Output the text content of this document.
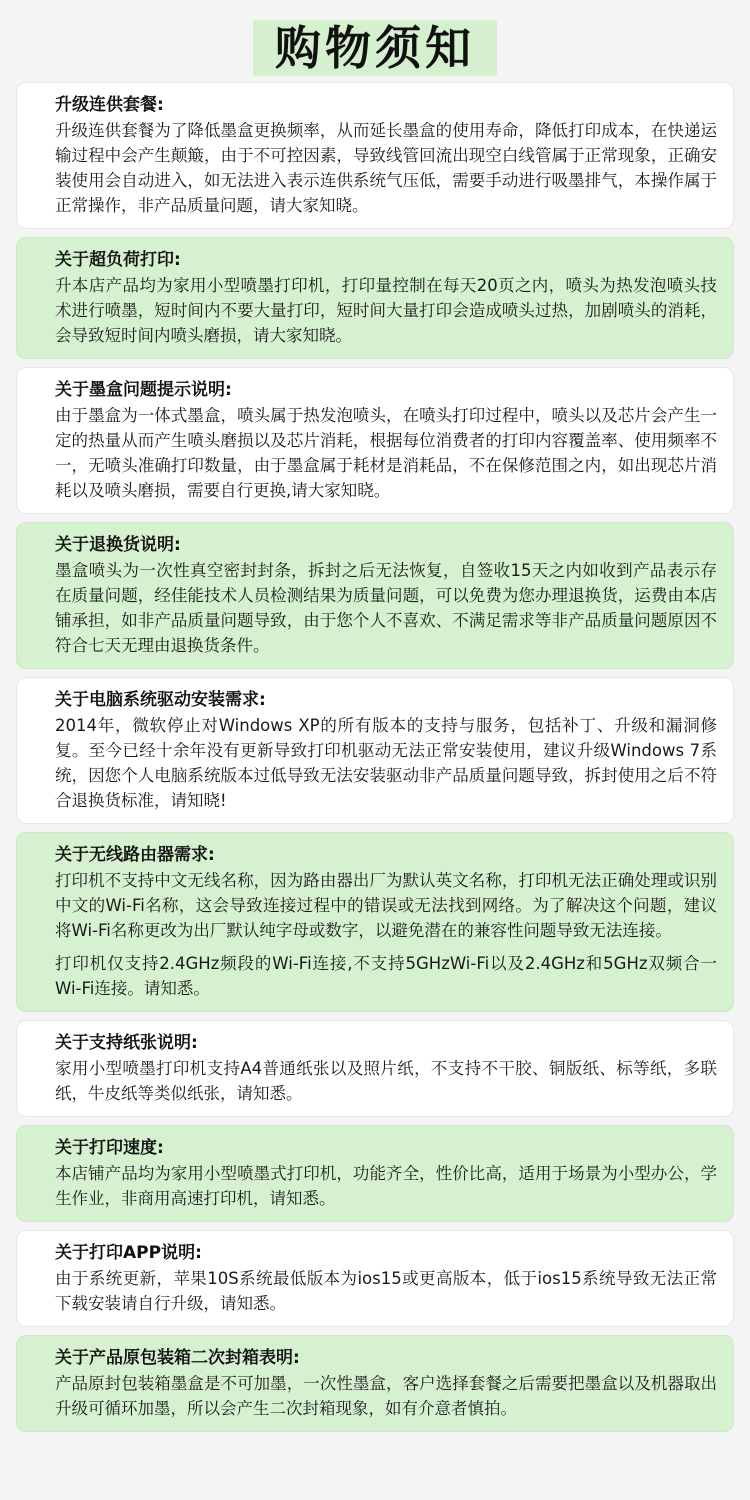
购物须知
升级连供套餐:

升级连供套餐为了降低墨盒更换频率，从而延长墨盒的使用寿命，降低打印成本，在快递运输过程中会产生颠簸，由于不可控因素，导致线管回流出现空白线管属于正常现象，正确安装使用会自动进入，如无法进入表示连供系统气压低，需要手动进行吸墨排气，本操作属于正常操作，非产品质量问题，请大家知晓。

关于超负荷打印:

升本店产品均为家用小型喷墨打印机，打印量控制在每天20页之内，喷头为热发泡喷头技术进行喷墨，短时间内不要大量打印，短时间大量打印会造成喷头过热，加剧喷头的消耗，会导致短时间内喷头磨损，请大家知晓。

关于墨盒问题提示说明:

由于墨盒为一体式墨盒，喷头属于热发泡喷头，在喷头打印过程中，喷头以及芯片会产生一定的热量从而产生喷头磨损以及芯片消耗，根据每位消费者的打印内容覆盖率、使用频率不一，无喷头准确打印数量，由于墨盒属于耗材是消耗品，不在保修范围之内，如出现芯片消耗以及喷头磨损，需要自行更换,请大家知晓。

关于退换货说明:

墨盒喷头为一次性真空密封封条，拆封之后无法恢复，自签收15天之内如收到产品表示存在质量问题，经佳能技术人员检测结果为质量问题，可以免费为您办理退换货，运费由本店铺承担，如非产品质量问题导致，由于您个人不喜欢、不满足需求等非产品质量问题原因不符合七天无理由退换货条件。

关于电脑系统驱动安装需求:

2014年，微软停止对Windows XP的所有版本的支持与服务，包括补丁、升级和漏洞修复。至今已经十余年没有更新导致打印机驱动无法正常安装使用，建议升级Windows 7系统，因您个人电脑系统版本过低导致无法安装驱动非产品质量问题导致，拆封使用之后不符合退换货标准，请知晓!

关于无线路由器需求:

打印机不支持中文无线名称，因为路由器出厂为默认英文名称，打印机无法正确处理或识别中文的Wi-Fi名称，这会导致连接过程中的错误或无法找到网络。为了解决这个问题，建议将Wi-Fi名称更改为出厂默认纯字母或数字，以避免潜在的兼容性问题导致无法连接。

打印机仅支持2.4GHz频段的Wi-Fi连接,不支持5GHzWi-Fi以及2.4GHz和5GHz双频合一Wi-Fi连接。请知悉。

关于支持纸张说明:

家用小型喷墨打印机支持A4普通纸张以及照片纸，不支持不干胶、铜版纸、标等纸，多联纸，牛皮纸等类似纸张，请知悉。

关于打印速度:

本店铺产品均为家用小型喷墨式打印机，功能齐全，性价比高，适用于场景为小型办公，学生作业，非商用高速打印机，请知悉。

关于打印APP说明:

由于系统更新，苹果10S系统最低版本为ios15或更高版本，低于ios15系统导致无法正常下载安装请自行升级，请知悉。

关于产品原包装箱二次封箱表明:

产品原封包装箱墨盒是不可加墨，一次性墨盒，客户选择套餐之后需要把墨盒以及机器取出升级可循环加墨，所以会产生二次封箱现象，如有介意者慎拍。
